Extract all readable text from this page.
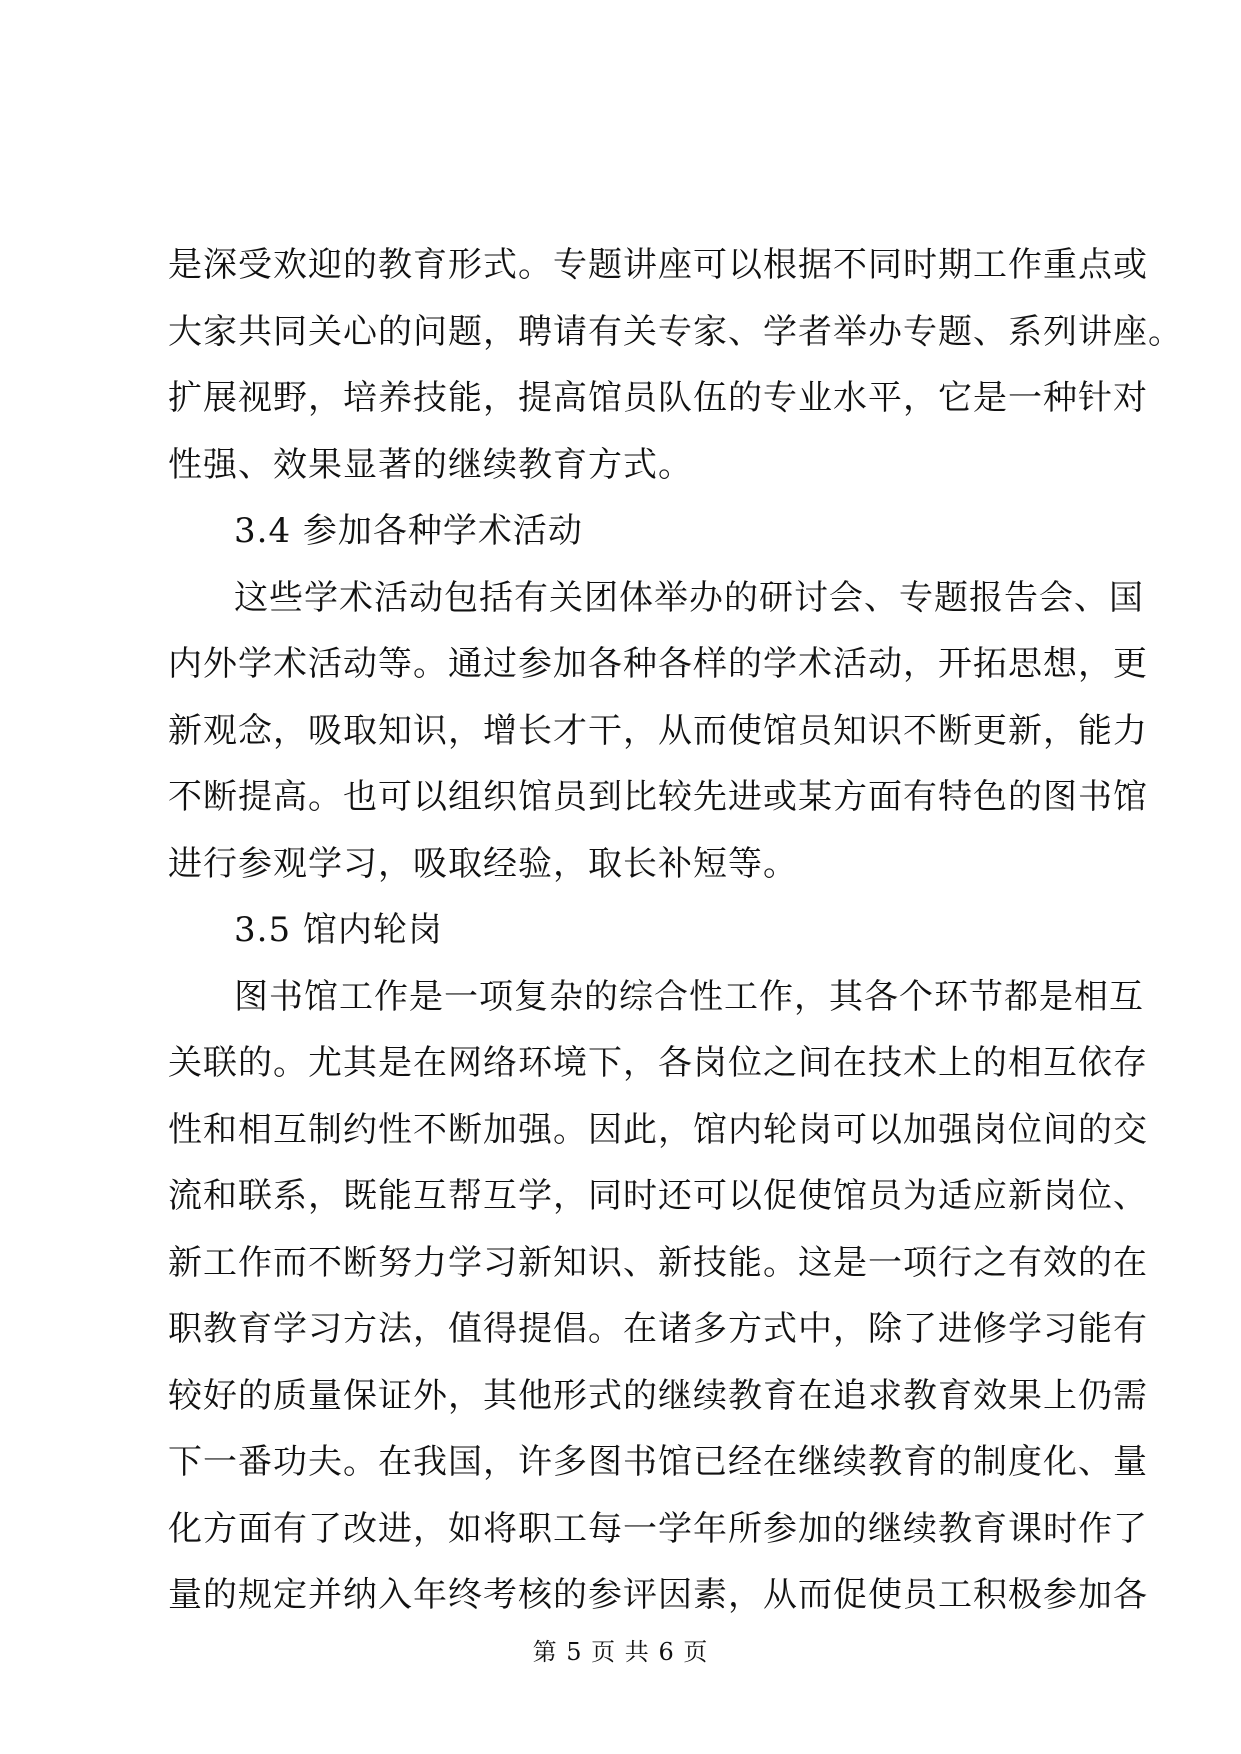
是深受欢迎的教育形式。专题讲座可以根据不同时期工作重点或
大家共同关心的问题，聘请有关专家、学者举办专题、系列讲座。
扩展视野，培养技能，提高馆员队伍的专业水平，它是一种针对
性强、效果显著的继续教育方式。
3.4 参加各种学术活动
这些学术活动包括有关团体举办的研讨会、专题报告会、国
内外学术活动等。通过参加各种各样的学术活动，开拓思想，更
新观念，吸取知识，增长才干，从而使馆员知识不断更新，能力
不断提高。也可以组织馆员到比较先进或某方面有特色的图书馆
进行参观学习，吸取经验，取长补短等。
3.5 馆内轮岗
图书馆工作是一项复杂的综合性工作，其各个环节都是相互
关联的。尤其是在网络环境下，各岗位之间在技术上的相互依存
性和相互制约性不断加强。因此，馆内轮岗可以加强岗位间的交
流和联系，既能互帮互学，同时还可以促使馆员为适应新岗位、
新工作而不断努力学习新知识、新技能。这是一项行之有效的在
职教育学习方法，值得提倡。在诸多方式中，除了进修学习能有
较好的质量保证外，其他形式的继续教育在追求教育效果上仍需
下一番功夫。在我国，许多图书馆已经在继续教育的制度化、量
化方面有了改进，如将职工每一学年所参加的继续教育课时作了
量的规定并纳入年终考核的参评因素，从而促使员工积极参加各
第 5 页 共 6 页
